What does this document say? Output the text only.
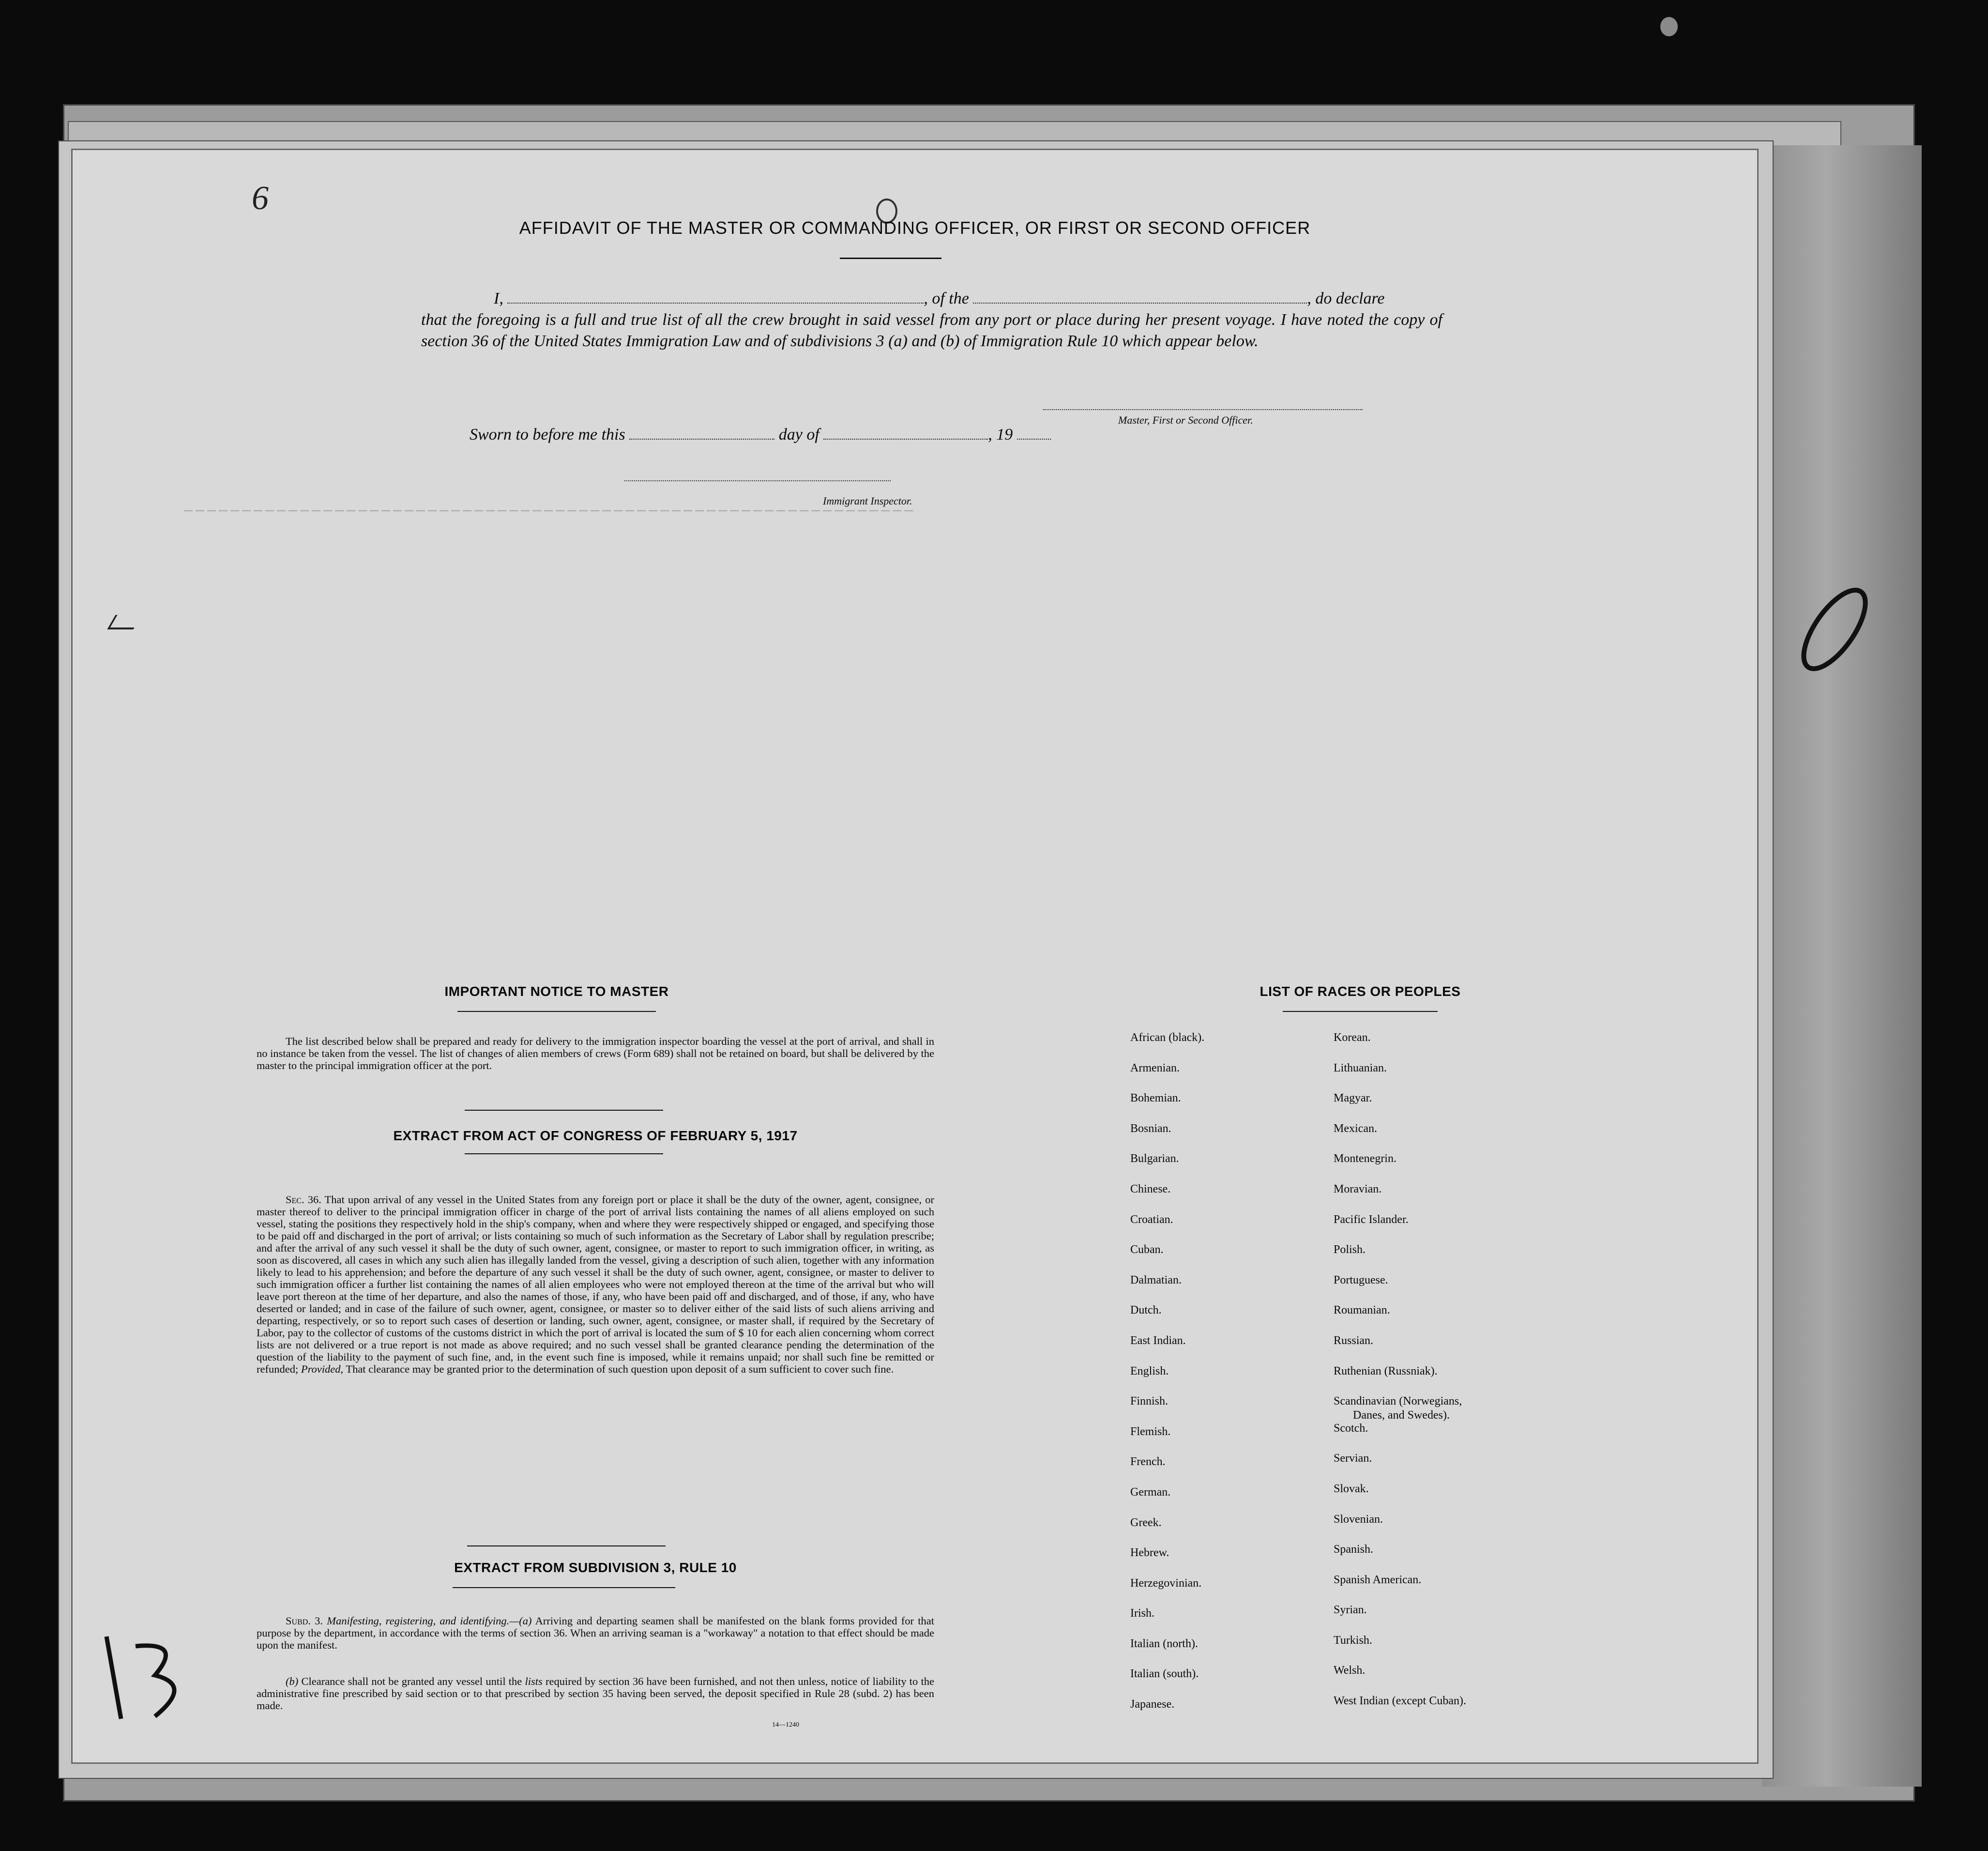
───────────────────────────────────────────────────────────────
6
AFFIDAVIT OF THE MASTER OR COMMANDING OFFICER, OR FIRST OR SECOND OFFICER
I,	, of the	, do declare
that the foregoing is a full and true list of all the crew brought in said vessel from any port or place during her present voyage. I have noted the copy of section 36 of the United States Immigration Law and of subdivisions 3 (a) and (b) of Immigration Rule 10 which appear below.
Master, First or Second Officer.
Sworn to before me this	day of	, 19
Immigrant Inspector.
IMPORTANT NOTICE TO MASTER
The list described below shall be prepared and ready for delivery to the immigration inspector boarding the vessel at the port of arrival, and shall in no instance be taken from the vessel. The list of changes of alien members of crews (Form 689) shall not be retained on board, but shall be delivered by the master to the principal immigration officer at the port.
EXTRACT FROM ACT OF CONGRESS OF FEBRUARY 5, 1917
Sec. 36. That upon arrival of any vessel in the United States from any foreign port or place it shall be the duty of the owner, agent, consignee, or master thereof to deliver to the principal immigration officer in charge of the port of arrival lists containing the names of all aliens employed on such vessel, stating the positions they respectively hold in the ship's company, when and where they were respectively shipped or engaged, and specifying those to be paid off and discharged in the port of arrival; or lists containing so much of such information as the Secretary of Labor shall by regulation prescribe; and after the arrival of any such vessel it shall be the duty of such owner, agent, consignee, or master to report to such immigration officer, in writing, as soon as discovered, all cases in which any such alien has illegally landed from the vessel, giving a description of such alien, together with any information likely to lead to his apprehension; and before the departure of any such vessel it shall be the duty of such owner, agent, consignee, or master to deliver to such immigration officer a further list containing the names of all alien employees who were not employed thereon at the time of the arrival but who will leave port thereon at the time of her departure, and also the names of those, if any, who have been paid off and discharged, and of those, if any, who have deserted or landed; and in case of the failure of such owner, agent, consignee, or master so to deliver either of the said lists of such aliens arriving and departing, respectively, or so to report such cases of desertion or landing, such owner, agent, consignee, or master shall, if required by the Secretary of Labor, pay to the collector of customs of the customs district in which the port of arrival is located the sum of $ 10 for each alien concerning whom correct lists are not delivered or a true report is not made as above required; and no such vessel shall be granted clearance pending the determination of the question of the liability to the payment of such fine, and, in the event such fine is imposed, while it remains unpaid; nor shall such fine be remitted or refunded; Provided, That clearance may be granted prior to the determination of such question upon deposit of a sum sufficient to cover such fine.
EXTRACT FROM SUBDIVISION 3, RULE 10
Subd. 3. Manifesting, registering, and identifying.—(a) Arriving and departing seamen shall be manifested on the blank forms provided for that purpose by the department, in accordance with the terms of section 36. When an arriving seaman is a "workaway" a notation to that effect should be made upon the manifest.
(b) Clearance shall not be granted any vessel until the lists required by section 36 have been furnished, and not then unless, notice of liability to the administrative fine prescribed by said section or to that prescribed by section 35 having been served, the deposit specified in Rule 28 (subd. 2) has been made.
14—1240
LIST OF RACES OR PEOPLES
African (black).
Armenian.
Bohemian.
Bosnian.
Bulgarian.
Chinese.
Croatian.
Cuban.
Dalmatian.
Dutch.
East Indian.
English.
Finnish.
Flemish.
French.
German.
Greek.
Hebrew.
Herzegovinian.
Irish.
Italian (north).
Italian (south).
Japanese.
Korean.
Lithuanian.
Magyar.
Mexican.
Montenegrin.
Moravian.
Pacific Islander.
Polish.
Portuguese.
Roumanian.
Russian.
Ruthenian (Russniak).
Scandinavian (Norwegians,
Danes, and Swedes).
Scotch.
Servian.
Slovak.
Slovenian.
Spanish.
Spanish American.
Syrian.
Turkish.
Welsh.
West Indian (except Cuban).
